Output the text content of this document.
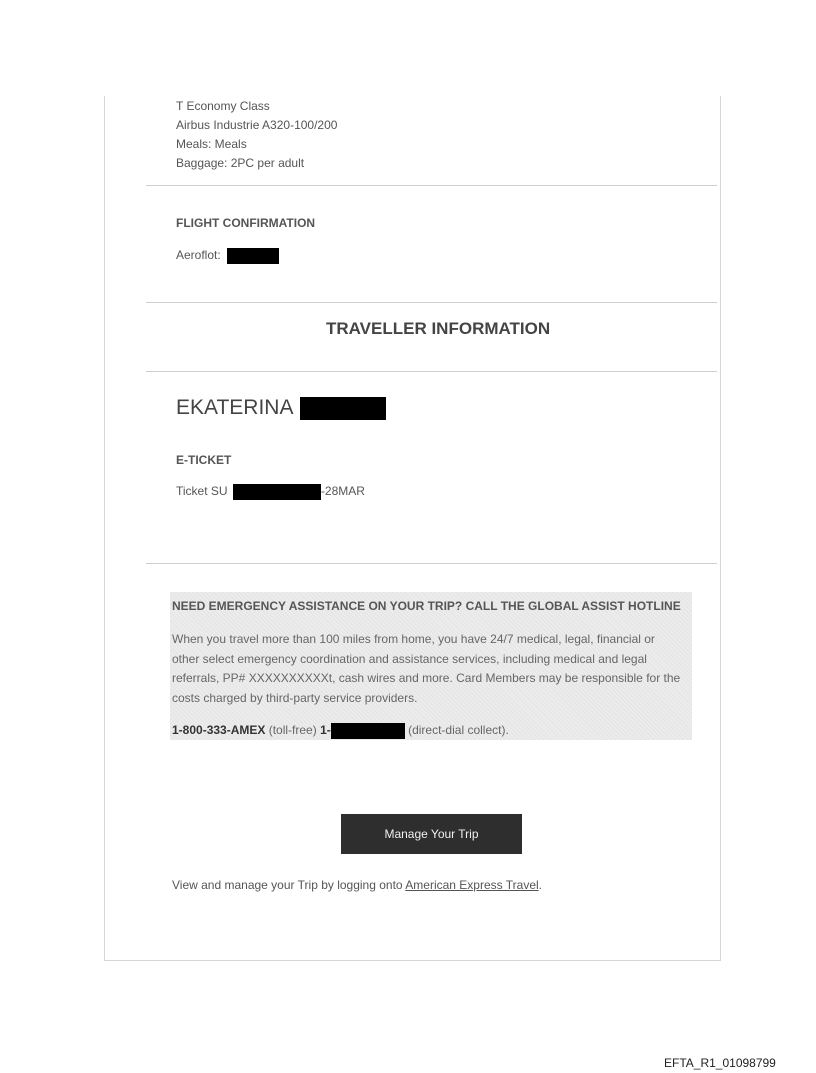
T Economy Class
Airbus Industrie A320-100/200
Meals: Meals
Baggage: 2PC per adult
FLIGHT CONFIRMATION
Aeroflot:
TRAVELLER INFORMATION
EKATERINA
E-TICKET
Ticket SU	-28MAR
NEED EMERGENCY ASSISTANCE ON YOUR TRIP? CALL THE GLOBAL ASSIST HOTLINE
When you travel more than 100 miles from home, you have 24/7 medical, legal, financial or
other select emergency coordination and assistance services, including medical and legal
referrals, PP# XXXXXXXXXXt, cash wires and more. Card Members may be responsible for the
costs charged by third-party service providers.
1-800-333-AMEX (toll-free) 1-	(direct-dial collect).
Manage Your Trip
View and manage your Trip by logging onto American Express Travel.
EFTA_R1_01098799
